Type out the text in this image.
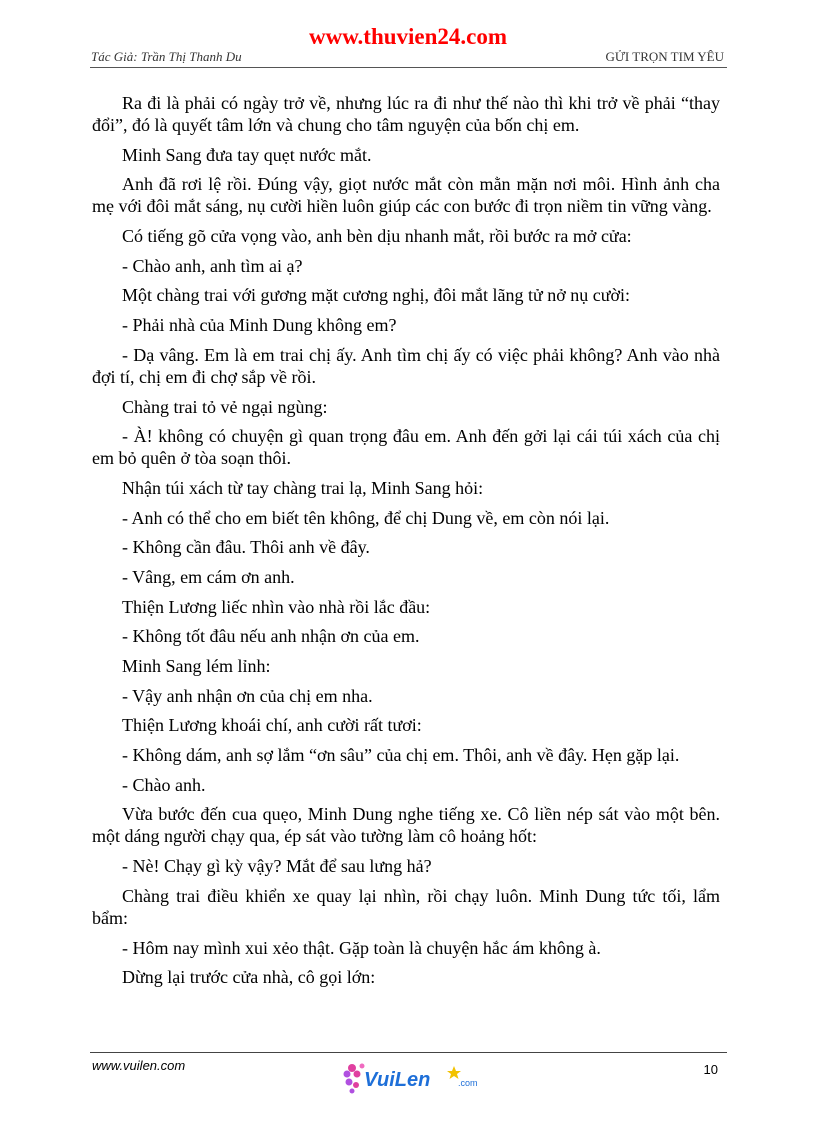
www.thuvien24.com
Tác Giả: Trần Thị Thanh Du	GỬI TRỌN TIM YÊU

Ra đi là phải có ngày trở về, nhưng lúc ra đi như thế nào thì khi trở về phải “thay đổi”, đó là quyết tâm lớn và chung cho tâm nguyện của bốn chị em.

Minh Sang đưa tay quẹt nước mắt.

Anh đã rơi lệ rồi. Đúng vậy, giọt nước mắt còn mằn mặn nơi môi. Hình ảnh cha mẹ với đôi mắt sáng, nụ cười hiền luôn giúp các con bước đi trọn niềm tin vững vàng.

Có tiếng gõ cửa vọng vào, anh bèn dịu nhanh mắt, rồi bước ra mở cửa:

- Chào anh, anh tìm ai ạ?

Một chàng trai với gương mặt cương nghị, đôi mắt lãng tử nở nụ cười:

- Phải nhà của Minh Dung không em?

- Dạ vâng. Em là em trai chị ấy. Anh tìm chị ấy có việc phải không? Anh vào nhà đợi tí, chị em đi chợ sắp về rồi.

Chàng trai tỏ vẻ ngại ngùng:

- À! không có chuyện gì quan trọng đâu em. Anh đến gởi lại cái túi xách của chị em bỏ quên ở tòa soạn thôi.

Nhận túi xách từ tay chàng trai lạ, Minh Sang hỏi:

- Anh có thể cho em biết tên không, để chị Dung về, em còn nói lại.

- Không cần đâu. Thôi anh về đây.

- Vâng, em cám ơn anh.

Thiện Lương liếc nhìn vào nhà rồi lắc đầu:

- Không tốt đâu nếu anh nhận ơn của em.

Minh Sang lém lỉnh:

- Vậy anh nhận ơn của chị em nha.

Thiện Lương khoái chí, anh cười rất tươi:

- Không dám, anh sợ lắm “ơn sâu” của chị em. Thôi, anh về đây. Hẹn gặp lại.

- Chào anh.

Vừa bước đến cua quẹo, Minh Dung nghe tiếng xe. Cô liền nép sát vào một bên. một dáng người chạy qua, ép sát vào tường làm cô hoảng hốt:

- Nè! Chạy gì kỳ vậy? Mắt để sau lưng hả?

Chàng trai điều khiển xe quay lại nhìn, rồi chạy luôn. Minh Dung tức tối, lẩm bẩm:

- Hôm nay mình xui xẻo thật. Gặp toàn là chuyện hắc ám không à.

Dừng lại trước cửa nhà, cô gọi lớn:

www.vuilen.com	10
VuiLen	.com
